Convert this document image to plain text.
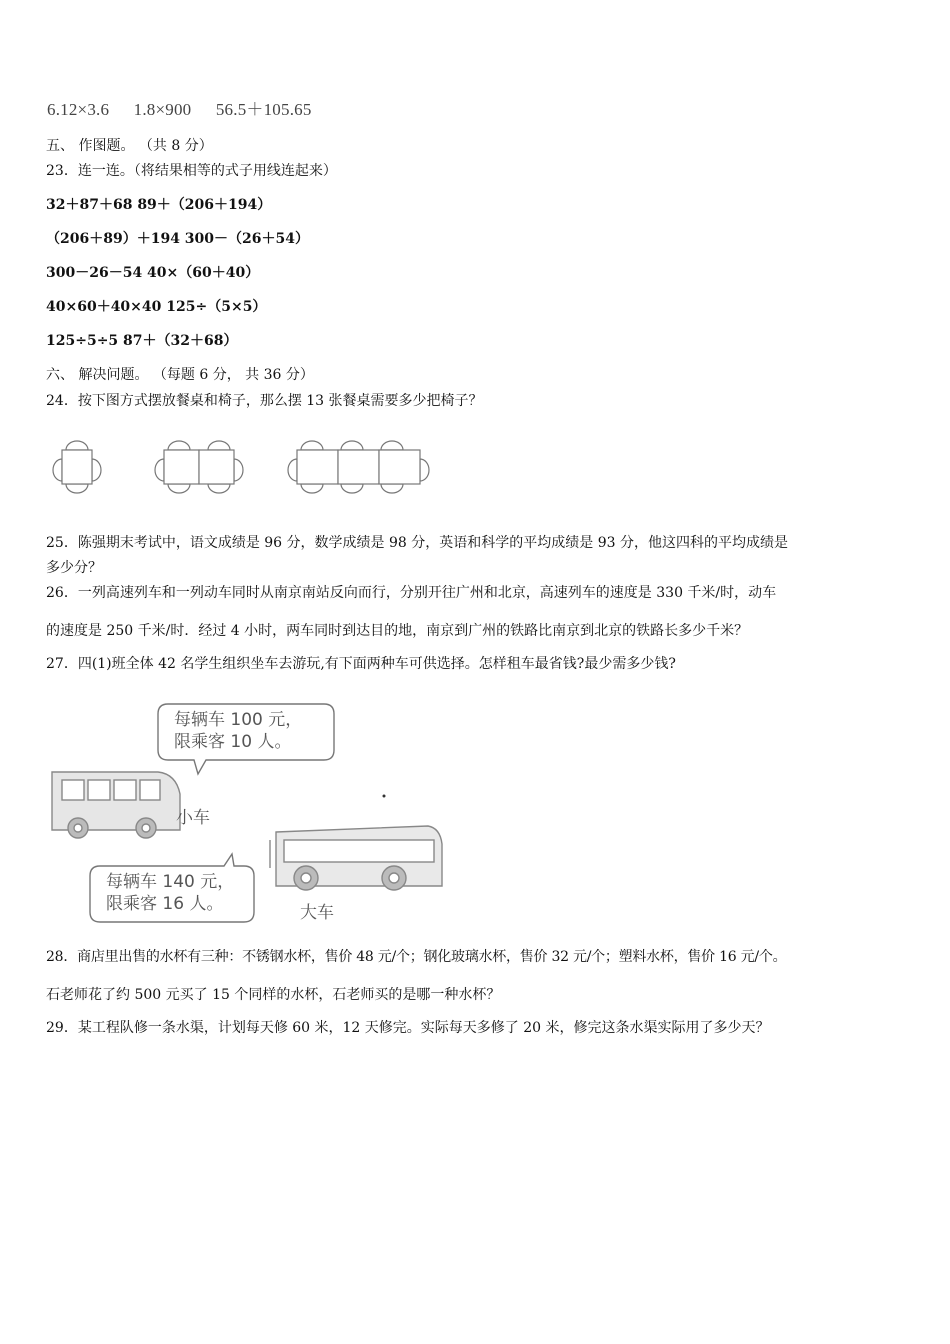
6.12×3.6 1.8×900 56.5＋105.65
五、 作图题。 （共 8 分）
23．连一连。（将结果相等的式子用线连起来）
32＋87＋68 89＋（206＋194）
（206＋89）＋194 300－（26＋54）
300－26－54 40×（60＋40）
40×60＋40×40 125÷（5×5）
125÷5÷5 87＋（32＋68）
六、 解决问题。 （每题 6 分， 共 36 分）
24．按下图方式摆放餐桌和椅子，那么摆 13 张餐桌需要多少把椅子？
25．陈强期末考试中，语文成绩是 96 分，数学成绩是 98 分，英语和科学的平均成绩是 93 分，他这四科的平均成绩是
多少分？
26．一列高速列车和一列动车同时从南京南站反向而行，分别开往广州和北京，高速列车的速度是 330 千米/时，动车
的速度是 250 千米/时．经过 4 小时，两车同时到达目的地，南京到广州的铁路比南京到北京的铁路长多少千米？
27．四(1)班全体 42 名学生组织坐车去游玩,有下面两种车可供选择。怎样租车最省钱?最少需多少钱?
每辆车 100 元，
限乘客 10 人。
小车
每辆车 140 元，
限乘客 16 人。	大车
28．商店里出售的水杯有三种：不锈钢水杯，售价 48 元/个；钢化玻璃水杯，售价 32 元/个；塑料水杯，售价 16 元/个。
石老师花了约 500 元买了 15 个同样的水杯，石老师买的是哪一种水杯？
29．某工程队修一条水渠，计划每天修 60 米，12 天修完。实际每天多修了 20 米，修完这条水渠实际用了多少天？
